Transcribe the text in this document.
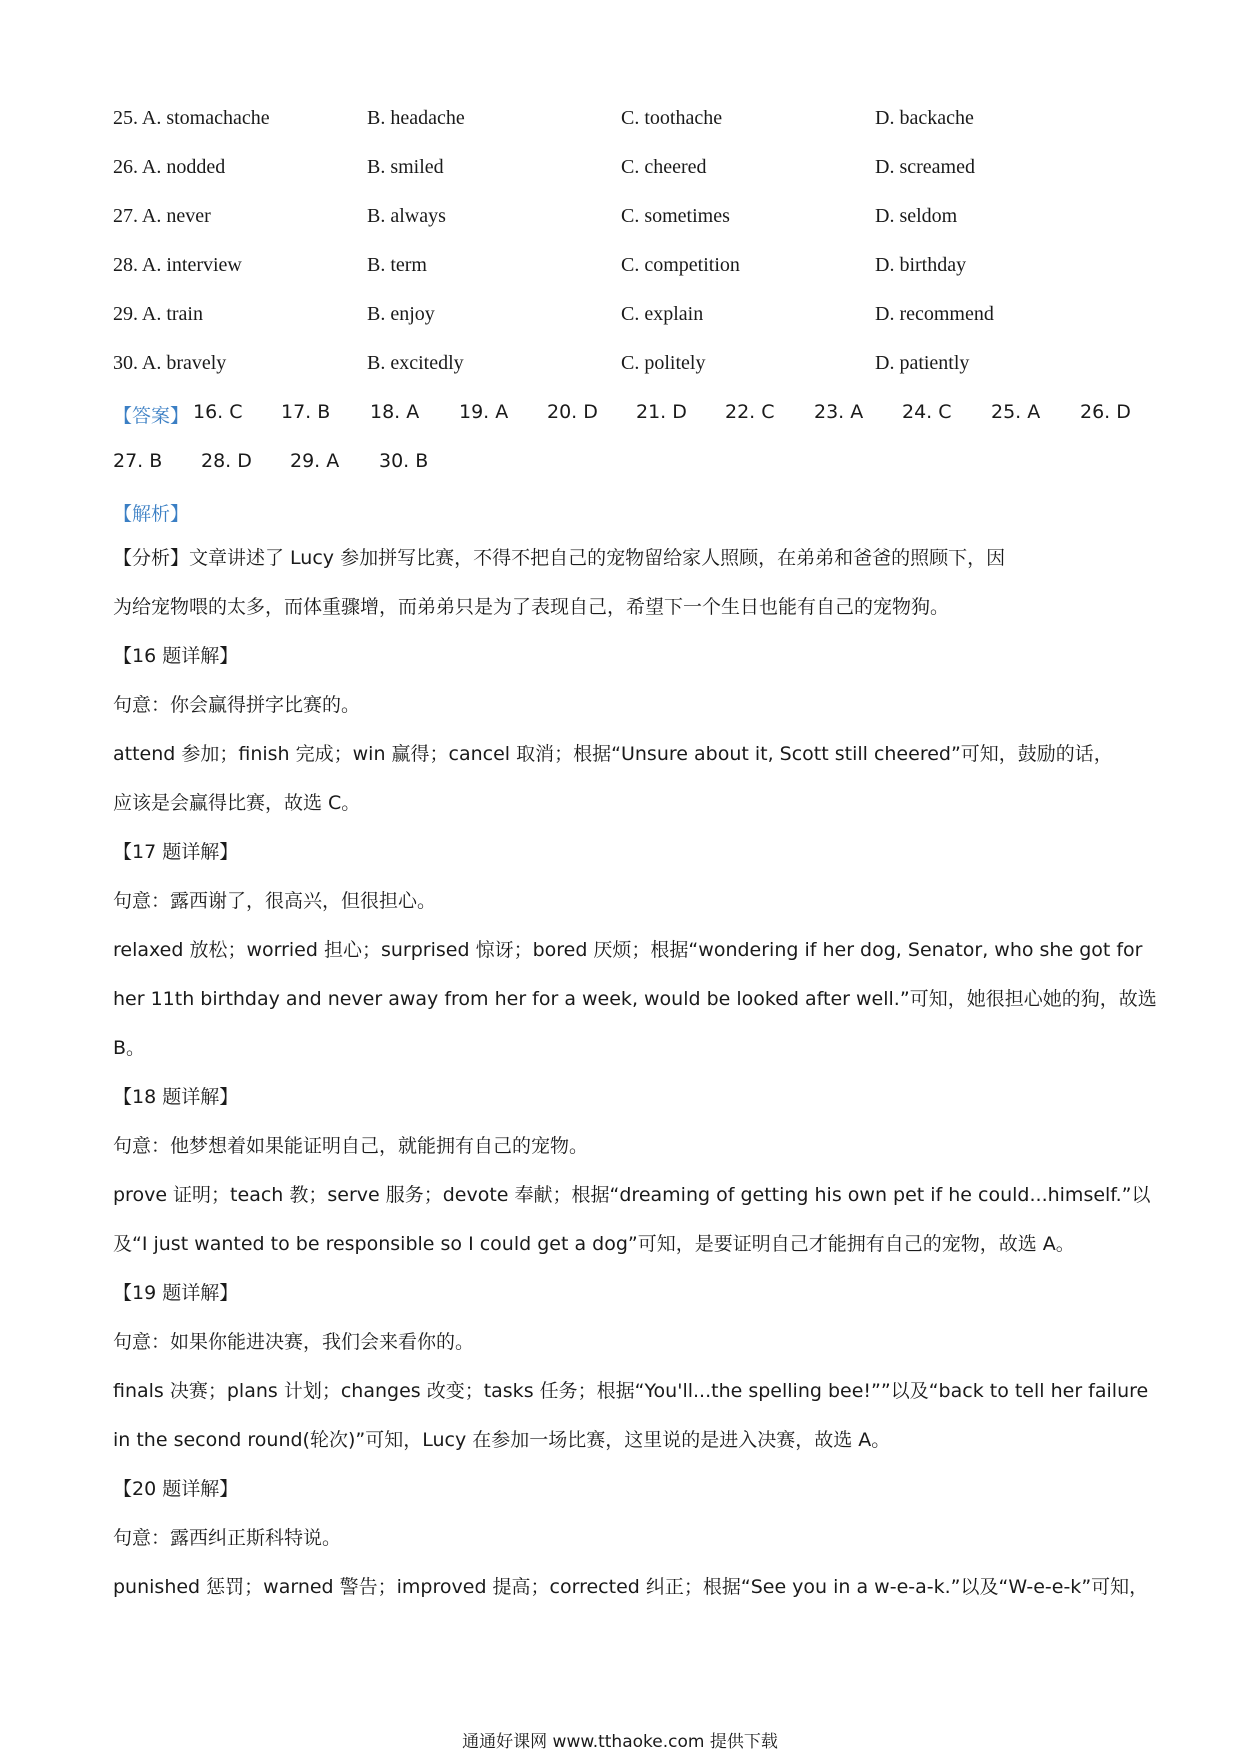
25. A. stomachache	B. headache	C. toothache	D. backache
26. A. nodded	B. smiled	C. cheered	D. screamed
27. A. never	B. always	C. sometimes	D. seldom
28. A. interview	B. term	C. competition	D. birthday
29. A. train	B. enjoy	C. explain	D. recommend
30. A. bravely	B. excitedly	C. politely	D. patiently
【答案】 16. C 17. B 18. A 19. A 20. D 21. D 22. C 23. A 24. C 25. A 26. D
27. B 28. D 29. A 30. B
【解析】
【分析】文章讲述了 Lucy 参加拼写比赛，不得不把自己的宠物留给家人照顾，在弟弟和爸爸的照顾下，因
为给宠物喂的太多，而体重骤增，而弟弟只是为了表现自己，希望下一个生日也能有自己的宠物狗。
【16 题详解】
句意：你会赢得拼字比赛的。
attend 参加；finish 完成；win 赢得；cancel 取消；根据“Unsure about it, Scott still cheered”可知，鼓励的话，
应该是会赢得比赛，故选 C。
【17 题详解】
句意：露西谢了，很高兴，但很担心。
relaxed 放松；worried 担心；surprised 惊讶；bored 厌烦；根据“wondering if her dog, Senator, who she got for
her 11th birthday and never away from her for a week, would be looked after well.”可知，她很担心她的狗，故选
B。
【18 题详解】
句意：他梦想着如果能证明自己，就能拥有自己的宠物。
prove 证明；teach 教；serve 服务；devote 奉献；根据“dreaming of getting his own pet if he could...himself.”以
及“I just wanted to be responsible so I could get a dog”可知，是要证明自己才能拥有自己的宠物，故选 A。
【19 题详解】
句意：如果你能进决赛，我们会来看你的。
finals 决赛；plans 计划；changes 改变；tasks 任务；根据“You'll...the spelling bee!””以及“back to tell her failure
in the second round(轮次)”可知，Lucy 在参加一场比赛，这里说的是进入决赛，故选 A。
【20 题详解】
句意：露西纠正斯科特说。
punished 惩罚；warned 警告；improved 提高；corrected 纠正；根据“See you in a w-e-a-k.”以及“W-e-e-k”可知，
通通好课网 www.tthaoke.com 提供下载
